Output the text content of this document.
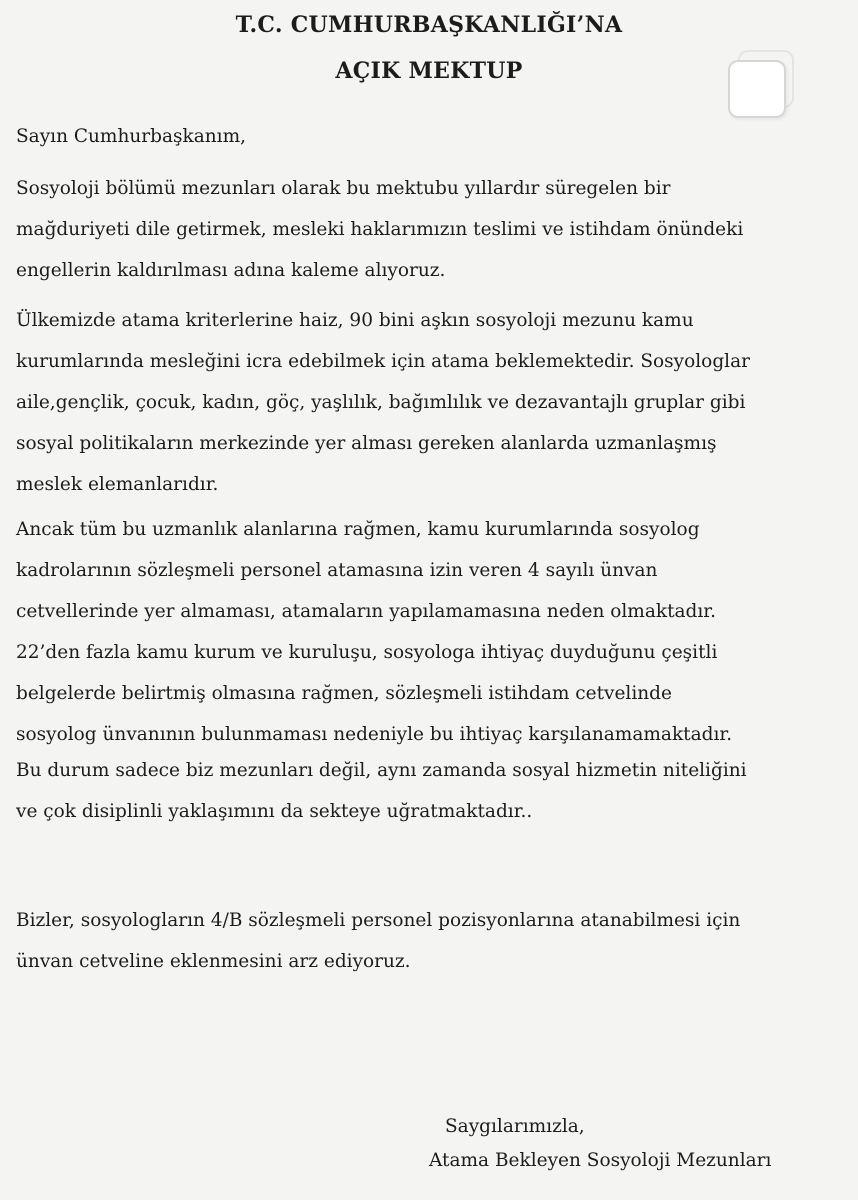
T.C. CUMHURBAŞKANLIĞI’NA
AÇIK MEKTUP

Sayın Cumhurbaşkanım,

Sosyoloji bölümü mezunları olarak bu mektubu yıllardır süregelen bir
mağduriyeti dile getirmek, mesleki haklarımızın teslimi ve istihdam önündeki
engellerin kaldırılması adına kaleme alıyoruz.

Ülkemizde atama kriterlerine haiz, 90 bini aşkın sosyoloji mezunu kamu
kurumlarında mesleğini icra edebilmek için atama beklemektedir. Sosyologlar
aile,gençlik, çocuk, kadın, göç, yaşlılık, bağımlılık ve dezavantajlı gruplar gibi
sosyal politikaların merkezinde yer alması gereken alanlarda uzmanlaşmış
meslek elemanlarıdır.

Ancak tüm bu uzmanlık alanlarına rağmen, kamu kurumlarında sosyolog
kadrolarının sözleşmeli personel atamasına izin veren 4 sayılı ünvan
cetvellerinde yer almaması, atamaların yapılamamasına neden olmaktadır.
22’den fazla kamu kurum ve kuruluşu, sosyologa ihtiyaç duyduğunu çeşitli
belgelerde belirtmiş olmasına rağmen, sözleşmeli istihdam cetvelinde
sosyolog ünvanının bulunmaması nedeniyle bu ihtiyaç karşılanamamaktadır.

Bu durum sadece biz mezunları değil, aynı zamanda sosyal hizmetin niteliğini
ve çok disiplinli yaklaşımını da sekteye uğratmaktadır..

Bizler, sosyologların 4/B sözleşmeli personel pozisyonlarına atanabilmesi için
ünvan cetveline eklenmesini arz ediyoruz.

Saygılarımızla,

Atama Bekleyen Sosyoloji Mezunları
